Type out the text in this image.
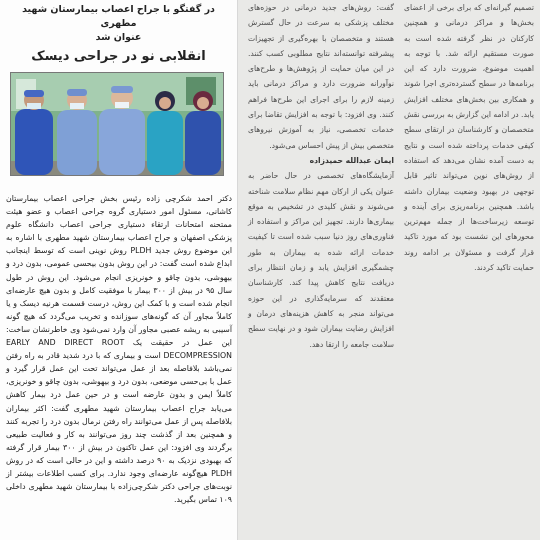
در گفتگو با جراح اعصاب بیمارستان شهید مطهری
عنوان شد
انقلابی نو در جراحی دیسک

دکتر احمد شکرچی زاده رئیس بخش جراحی اعصاب بیمارستان کاشانی، مسئول امور دستیاری گروه جراحی اعصاب و عضو هیئت ممتحنه امتحانات ارتقاء دستیاری جراحی اعصاب دانشگاه علوم پزشکی اصفهان و جراح اعصاب بیمارستان شهید مطهری با اشاره به این موضوع روش جدید PLDH روش نوینی است که توسط اینجانب ابداع شده است گفت: در این روش بدون بیحسی عمومی، بدون درد و بیهوشی، بدون چاقو و خونریزی انجام می‌شود. این روش در طول سال ۹۵ در بیش از ۳۰۰ بیمار با موفقیت کامل و بدون هیچ عارضه‌ای انجام شده است و با کمک این روش، درست قسمت هرنیه دیسک و یا کاملاً مجاور آن که گونه‌های سوزانده و تخریب می‌گردد که هیچ گونه آسیبی به ریشه عصبی مجاور آن وارد نمی‌شود وی خاطرنشان ساخت: این عمل در حقیقت یک EARLY AND DIRECT ROOT DECOMPRESSION است و بیماری که با درد شدید قادر به راه رفتن نمی‌باشد بلافاصله بعد از عمل می‌تواند تحت این عمل قرار گیرد و عمل با بی‌حسی موضعی، بدون درد و بیهوشی، بدون چاقو و خونریزی، کاملاً ایمن و بدون عارضه است و در حین عمل درد بیمار کاهش می‌یابد جراح اعصاب بیمارستان شهید مطهری گفت: اکثر بیماران بلافاصله پس از عمل می‌توانند راه رفتن نرمال بدون درد را تجربه کنند و همچنین بعد از گذشت چند روز می‌توانند به کار و فعالیت طبیعی برگردند وی افزود: این عمل تاکنون در بیش از ۳۰۰ بیمار قرار گرفته که بهبودی نزدیک به ۹۰ درصد داشته و این در حالی است که در روش PLDH هیچ‌گونه عارضه‌ای وجود ندارد. برای کسب اطلاعات بیشتر از نوبت‌های جراحی دکتر شکرچی‌زاده با بیمارستان شهید مطهری داخلی ۱۰۹ تماس بگیرید.

تصمیم گیرانه‌ای که برای برخی از اعضای بخش‌ها و مراکز درمانی و همچنین کارکنان در نظر گرفته شده است به صورت مستقیم ارائه شد. با توجه به اهمیت موضوع، ضرورت دارد که این برنامه‌ها در سطح گسترده‌تری اجرا شوند و همکاری بین بخش‌های مختلف افزایش یابد. در ادامه این گزارش به بررسی نقش متخصصان و کارشناسان در ارتقای سطح کیفی خدمات پرداخته شده است و نتایج به دست آمده نشان می‌دهد که استفاده از روش‌های نوین می‌تواند تاثیر قابل توجهی در بهبود وضعیت بیماران داشته باشد. همچنین برنامه‌ریزی برای آینده و توسعه زیرساخت‌ها از جمله مهم‌ترین محورهای این نشست بود که مورد تاکید قرار گرفت و مسئولان بر ادامه روند حمایت تاکید کردند.
گفت: روش‌های جدید درمانی در حوزه‌های مختلف پزشکی به سرعت در حال گسترش هستند و متخصصان با بهره‌گیری از تجهیزات پیشرفته توانسته‌اند نتایج مطلوبی کسب کنند. در این میان حمایت از پژوهش‌ها و طرح‌های نوآورانه ضرورت دارد و مراکز درمانی باید زمینه لازم را برای اجرای این طرح‌ها فراهم کنند. وی افزود: با توجه به افزایش تقاضا برای خدمات تخصصی، نیاز به آموزش نیروهای متخصص بیش از پیش احساس می‌شود.
ایمان عبدالله حمیدزاده
آزمایشگاه‌های تخصصی در حال حاضر به عنوان یکی از ارکان مهم نظام سلامت شناخته می‌شوند و نقش کلیدی در تشخیص به موقع بیماری‌ها دارند. تجهیز این مراکز و استفاده از فناوری‌های روز دنیا سبب شده است تا کیفیت خدمات ارائه شده به بیماران به طور چشمگیری افزایش یابد و زمان انتظار برای دریافت نتایج کاهش پیدا کند. کارشناسان معتقدند که سرمایه‌گذاری در این حوزه می‌تواند منجر به کاهش هزینه‌های درمان و افزایش رضایت بیماران شود و در نهایت سطح سلامت جامعه را ارتقا دهد.
